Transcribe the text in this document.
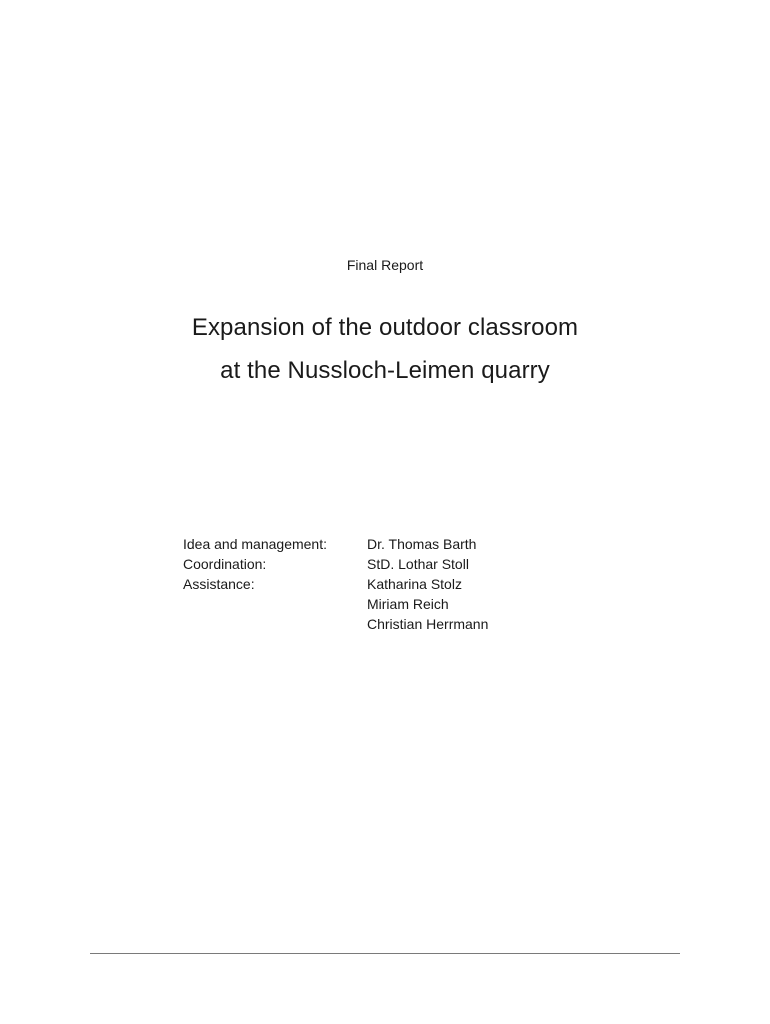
Final Report
Expansion of the outdoor classroom
at the Nussloch-Leimen quarry
Idea and management:	Dr. Thomas Barth
Coordination:	StD. Lothar Stoll
Assistance:	Katharina Stolz
Miriam Reich
Christian Herrmann
